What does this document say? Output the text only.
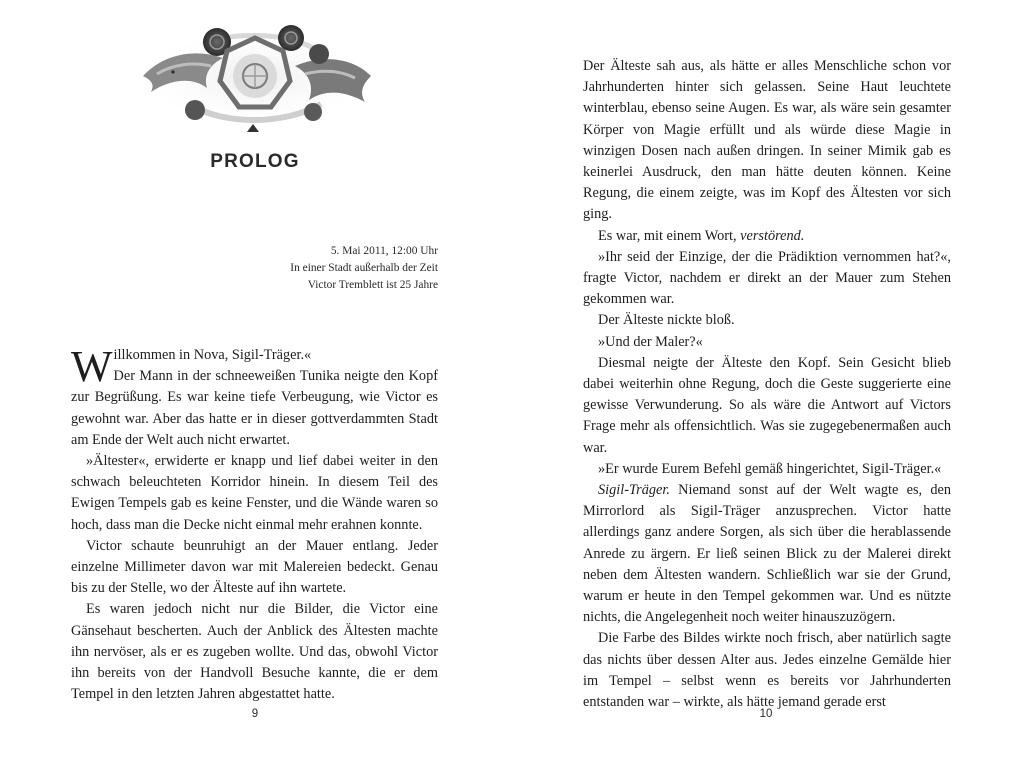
PROLOG
5. Mai 2011, 12:00 Uhr
In einer Stadt außerhalb der Zeit
Victor Tremblett ist 25 Jahre

Willkommen in Nova, Sigil-Träger.«
Der Mann in der schneeweißen Tunika neigte den Kopf zur Begrüßung. Es war keine tiefe Verbeugung, wie Victor es gewohnt war. Aber das hatte er in dieser gottverdammten Stadt am Ende der Welt auch nicht erwartet.

»Ältester«, erwiderte er knapp und lief dabei weiter in den schwach beleuchteten Korridor hinein. In diesem Teil des Ewigen Tempels gab es keine Fenster, und die Wände waren so hoch, dass man die Decke nicht einmal mehr erahnen konnte.

Victor schaute beunruhigt an der Mauer entlang. Jeder einzelne Millimeter davon war mit Malereien bedeckt. Genau bis zu der Stelle, wo der Älteste auf ihn wartete.

Es waren jedoch nicht nur die Bilder, die Victor eine Gänsehaut bescherten. Auch der Anblick des Ältesten machte ihn nervöser, als er es zugeben wollte. Und das, obwohl Victor ihn bereits von der Handvoll Besuche kannte, die er dem Tempel in den letzten Jahren abgestattet hatte.

9

Der Älteste sah aus, als hätte er alles Menschliche schon vor Jahrhunderten hinter sich gelassen. Seine Haut leuchtete winterblau, ebenso seine Augen. Es war, als wäre sein gesamter Körper von Magie erfüllt und als würde diese Magie in winzigen Dosen nach außen dringen. In seiner Mimik gab es keinerlei Ausdruck, den man hätte deuten können. Keine Regung, die einem zeigte, was im Kopf des Ältesten vor sich ging.

Es war, mit einem Wort, verstörend.

»Ihr seid der Einzige, der die Prädiktion vernommen hat?«, fragte Victor, nachdem er direkt an der Mauer zum Stehen gekommen war.

Der Älteste nickte bloß.

»Und der Maler?«

Diesmal neigte der Älteste den Kopf. Sein Gesicht blieb dabei weiterhin ohne Regung, doch die Geste suggerierte eine gewisse Verwunderung. So als wäre die Antwort auf Victors Frage mehr als offensichtlich. Was sie zugegebenermaßen auch war.

»Er wurde Eurem Befehl gemäß hingerichtet, Sigil-Träger.«

Sigil-Träger. Niemand sonst auf der Welt wagte es, den Mirrorlord als Sigil-Träger anzusprechen. Victor hatte allerdings ganz andere Sorgen, als sich über die herablassende Anrede zu ärgern. Er ließ seinen Blick zu der Malerei direkt neben dem Ältesten wandern. Schließlich war sie der Grund, warum er heute in den Tempel gekommen war. Und es nützte nichts, die Angelegenheit noch weiter hinauszuzögern.

Die Farbe des Bildes wirkte noch frisch, aber natürlich sagte das nichts über dessen Alter aus. Jedes einzelne Gemälde hier im Tempel – selbst wenn es bereits vor Jahrhunderten entstanden war – wirkte, als hätte jemand gerade erst

10
